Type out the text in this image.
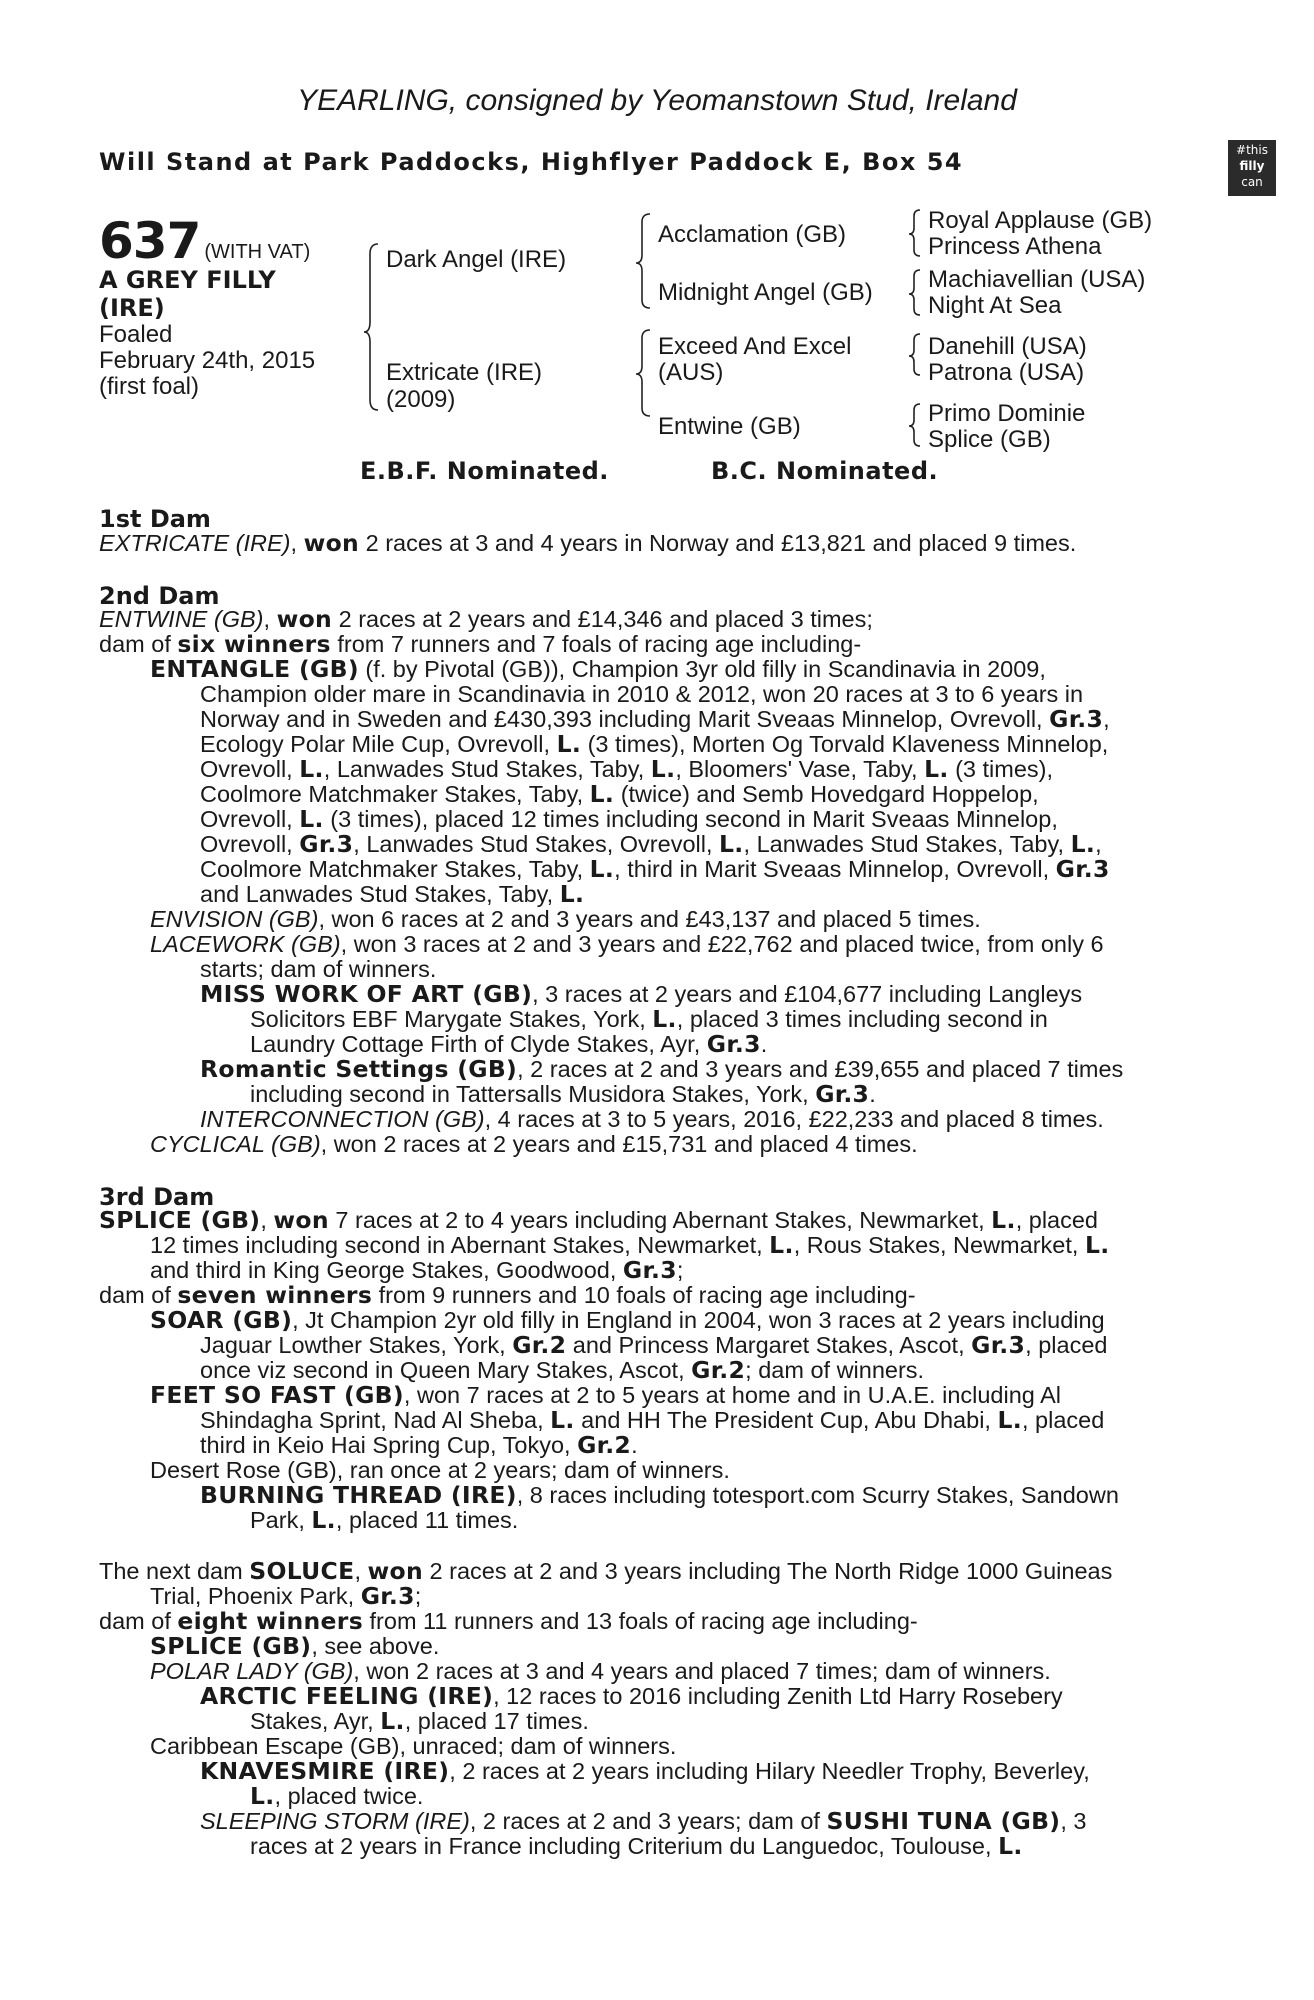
YEARLING, consigned by Yeomanstown Stud, Ireland
Will Stand at Park Paddocks, Highflyer Paddock E, Box 54	#this
filly
can
637 (WITH VAT)
A GREY FILLY
(IRE)
Foaled
February 24th, 2015
(first foal)
Dark Angel (IRE)
Extricate (IRE)
(2009)
Acclamation (GB)
Midnight Angel (GB)
Exceed And Excel
(AUS)
Entwine (GB)
Royal Applause (GB)
Princess Athena
Machiavellian (USA)
Night At Sea
Danehill (USA)
Patrona (USA)
Primo Dominie
Splice (GB)
E.B.F. Nominated.	B.C. Nominated.
1st Dam
EXTRICATE (IRE), won 2 races at 3 and 4 years in Norway and £13,821 and placed 9 times.
2nd Dam
ENTWINE (GB), won 2 races at 2 years and £14,346 and placed 3 times;
dam of six winners from 7 runners and 7 foals of racing age including-
ENTANGLE (GB) (f. by Pivotal (GB)), Champion 3yr old filly in Scandinavia in 2009,
Champion older mare in Scandinavia in 2010 & 2012, won 20 races at 3 to 6 years in
Norway and in Sweden and £430,393 including Marit Sveaas Minnelop, Ovrevoll, Gr.3,
Ecology Polar Mile Cup, Ovrevoll, L. (3 times), Morten Og Torvald Klaveness Minnelop,
Ovrevoll, L., Lanwades Stud Stakes, Taby, L., Bloomers' Vase, Taby, L. (3 times),
Coolmore Matchmaker Stakes, Taby, L. (twice) and Semb Hovedgard Hoppelop,
Ovrevoll, L. (3 times), placed 12 times including second in Marit Sveaas Minnelop,
Ovrevoll, Gr.3, Lanwades Stud Stakes, Ovrevoll, L., Lanwades Stud Stakes, Taby, L.,
Coolmore Matchmaker Stakes, Taby, L., third in Marit Sveaas Minnelop, Ovrevoll, Gr.3
and Lanwades Stud Stakes, Taby, L.
ENVISION (GB), won 6 races at 2 and 3 years and £43,137 and placed 5 times.
LACEWORK (GB), won 3 races at 2 and 3 years and £22,762 and placed twice, from only 6
starts; dam of winners.
MISS WORK OF ART (GB), 3 races at 2 years and £104,677 including Langleys
Solicitors EBF Marygate Stakes, York, L., placed 3 times including second in
Laundry Cottage Firth of Clyde Stakes, Ayr, Gr.3.
Romantic Settings (GB), 2 races at 2 and 3 years and £39,655 and placed 7 times
including second in Tattersalls Musidora Stakes, York, Gr.3.
INTERCONNECTION (GB), 4 races at 3 to 5 years, 2016, £22,233 and placed 8 times.
CYCLICAL (GB), won 2 races at 2 years and £15,731 and placed 4 times.
3rd Dam
SPLICE (GB), won 7 races at 2 to 4 years including Abernant Stakes, Newmarket, L., placed
12 times including second in Abernant Stakes, Newmarket, L., Rous Stakes, Newmarket, L.
and third in King George Stakes, Goodwood, Gr.3;
dam of seven winners from 9 runners and 10 foals of racing age including-
SOAR (GB), Jt Champion 2yr old filly in England in 2004, won 3 races at 2 years including
Jaguar Lowther Stakes, York, Gr.2 and Princess Margaret Stakes, Ascot, Gr.3, placed
once viz second in Queen Mary Stakes, Ascot, Gr.2; dam of winners.
FEET SO FAST (GB), won 7 races at 2 to 5 years at home and in U.A.E. including Al
Shindagha Sprint, Nad Al Sheba, L. and HH The President Cup, Abu Dhabi, L., placed
third in Keio Hai Spring Cup, Tokyo, Gr.2.
Desert Rose (GB), ran once at 2 years; dam of winners.
BURNING THREAD (IRE), 8 races including totesport.com Scurry Stakes, Sandown
Park, L., placed 11 times.
The next dam SOLUCE, won 2 races at 2 and 3 years including The North Ridge 1000 Guineas
Trial, Phoenix Park, Gr.3;
dam of eight winners from 11 runners and 13 foals of racing age including-
SPLICE (GB), see above.
POLAR LADY (GB), won 2 races at 3 and 4 years and placed 7 times; dam of winners.
ARCTIC FEELING (IRE), 12 races to 2016 including Zenith Ltd Harry Rosebery
Stakes, Ayr, L., placed 17 times.
Caribbean Escape (GB), unraced; dam of winners.
KNAVESMIRE (IRE), 2 races at 2 years including Hilary Needler Trophy, Beverley,
L., placed twice.
SLEEPING STORM (IRE), 2 races at 2 and 3 years; dam of SUSHI TUNA (GB), 3
races at 2 years in France including Criterium du Languedoc, Toulouse, L.
